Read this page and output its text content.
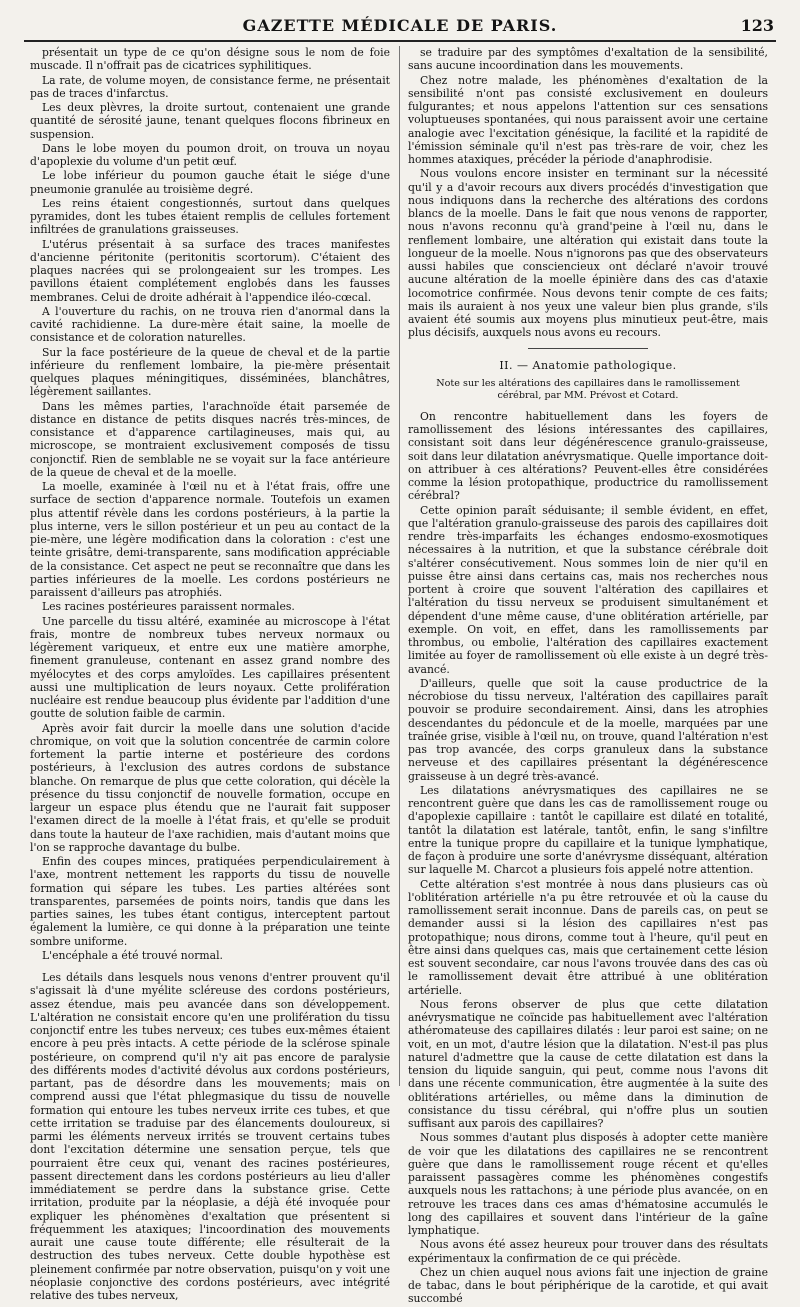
GAZETTE MÉDICALE DE PARIS.	123

présentait un type de ce qu'on désigne sous le nom de foie muscade. Il n'offrait pas de cicatrices syphilitiques.

La rate, de volume moyen, de consistance ferme, ne présentait pas de traces d'infarctus.

Les deux plèvres, la droite surtout, contenaient une grande quantité de sérosité jaune, tenant quelques flocons fibrineux en suspension.

Dans le lobe moyen du poumon droit, on trouva un noyau d'apoplexie du volume d'un petit œuf.

Le lobe inférieur du poumon gauche était le siége d'une pneumonie granulée au troisième degré.

Les reins étaient congestionnés, surtout dans quelques pyramides, dont les tubes étaient remplis de cellules fortement infiltrées de granulations graisseuses.

L'utérus présentait à sa surface des traces manifestes d'ancienne péritonite (peritonitis scortorum). C'étaient des plaques nacrées qui se prolongeaient sur les trompes. Les pavillons étaient complétement englobés dans les fausses membranes. Celui de droite adhérait à l'appendice iléo-cœcal.

A l'ouverture du rachis, on ne trouva rien d'anormal dans la cavité rachidienne. La dure-mère était saine, la moelle de consistance et de coloration naturelles.

Sur la face postérieure de la queue de cheval et de la partie inférieure du renflement lombaire, la pie-mère présentait quelques plaques méningitiques, disséminées, blanchâtres, légèrement saillantes.

Dans les mêmes parties, l'arachnoïde était parsemée de distance en distance de petits disques nacrés très-minces, de consistance et d'apparence cartilagineuses, mais qui, au microscope, se montraient exclusivement composés de tissu conjonctif. Rien de semblable ne se voyait sur la face antérieure de la queue de cheval et de la moelle.

La moelle, examinée à l'œil nu et à l'état frais, offre une surface de section d'apparence normale. Toutefois un examen plus attentif révèle dans les cordons postérieurs, à la partie la plus interne, vers le sillon postérieur et un peu au contact de la pie-mère, une légère modification dans la coloration : c'est une teinte grisâtre, demi-transparente, sans modification appréciable de la consistance. Cet aspect ne peut se reconnaître que dans les parties inférieures de la moelle. Les cordons postérieurs ne paraissent d'ailleurs pas atrophiés.

Les racines postérieures paraissent normales.

Une parcelle du tissu altéré, examinée au microscope à l'état frais, montre de nombreux tubes nerveux normaux ou légèrement variqueux, et entre eux une matière amorphe, finement granuleuse, contenant en assez grand nombre des myélocytes et des corps amyloïdes. Les capillaires présentent aussi une multiplication de leurs noyaux. Cette prolifération nucléaire est rendue beaucoup plus évidente par l'addition d'une goutte de solution faible de carmin.

Après avoir fait durcir la moelle dans une solution d'acide chromique, on voit que la solution concentrée de carmin colore fortement la partie interne et postérieure des cordons postérieurs, à l'exclusion des autres cordons de substance blanche. On remarque de plus que cette coloration, qui décèle la présence du tissu conjonctif de nouvelle formation, occupe en largeur un espace plus étendu que ne l'aurait fait supposer l'examen direct de la moelle à l'état frais, et qu'elle se produit dans toute la hauteur de l'axe rachidien, mais d'autant moins que l'on se rapproche davantage du bulbe.

Enfin des coupes minces, pratiquées perpendiculairement à l'axe, montrent nettement les rapports du tissu de nouvelle formation qui sépare les tubes. Les parties altérées sont transparentes, parsemées de points noirs, tandis que dans les parties saines, les tubes étant contigus, interceptent partout également la lumière, ce qui donne à la préparation une teinte sombre uniforme.

L'encéphale a été trouvé normal.

Les détails dans lesquels nous venons d'entrer prouvent qu'il s'agissait là d'une myélite scléreuse des cordons postérieurs, assez étendue, mais peu avancée dans son développement. L'altération ne consistait encore qu'en une prolifération du tissu conjonctif entre les tubes nerveux; ces tubes eux-mêmes étaient encore à peu près intacts. A cette période de la sclérose spinale postérieure, on comprend qu'il n'y ait pas encore de paralysie des différents modes d'activité dévolus aux cordons postérieurs, partant, pas de désordre dans les mouvements; mais on comprend aussi que l'état phlegmasique du tissu de nouvelle formation qui entoure les tubes nerveux irrite ces tubes, et que cette irritation se traduise par des élancements douloureux, si parmi les éléments nerveux irrités se trouvent certains tubes dont l'excitation détermine une sensation perçue, tels que pourraient être ceux qui, venant des racines postérieures, passent directement dans les cordons postérieurs au lieu d'aller immédiatement se perdre dans la substance grise. Cette irritation, produite par la néoplasie, a déjà été invoquée pour expliquer les phénomènes d'exaltation que présentent si fréquemment les ataxiques; l'incoordination des mouvements aurait une cause toute différente; elle résulterait de la destruction des tubes nerveux. Cette double hypothèse est pleinement confirmée par notre observation, puisqu'on y voit une néoplasie conjonctive des cordons postérieurs, avec intégrité relative des tubes nerveux,

se traduire par des symptômes d'exaltation de la sensibilité, sans aucune incoordination dans les mouvements.

Chez notre malade, les phénomènes d'exaltation de la sensibilité n'ont pas consisté exclusivement en douleurs fulgurantes; et nous appelons l'attention sur ces sensations voluptueuses spontanées, qui nous paraissent avoir une certaine analogie avec l'excitation génésique, la facilité et la rapidité de l'émission séminale qu'il n'est pas très-rare de voir, chez les hommes ataxiques, précéder la période d'anaphrodisie.

Nous voulons encore insister en terminant sur la nécessité qu'il y a d'avoir recours aux divers procédés d'investigation que nous indiquons dans la recherche des altérations des cordons blancs de la moelle. Dans le fait que nous venons de rapporter, nous n'avons reconnu qu'à grand'peine à l'œil nu, dans le renflement lombaire, une altération qui existait dans toute la longueur de la moelle. Nous n'ignorons pas que des observateurs aussi habiles que consciencieux ont déclaré n'avoir trouvé aucune altération de la moelle épinière dans des cas d'ataxie locomotrice confirmée. Nous devons tenir compte de ces faits; mais ils auraient à nos yeux une valeur bien plus grande, s'ils avaient été soumis aux moyens plus minutieux peut-être, mais plus décisifs, auxquels nous avons eu recours.

II. — Anatomie pathologique.
Note sur les altérations des capillaires dans le ramollissement cérébral, par MM. Prévost et Cotard.

On rencontre habituellement dans les foyers de ramollissement des lésions intéressantes des capillaires, consistant soit dans leur dégénérescence granulo-graisseuse, soit dans leur dilatation anévrysmatique. Quelle importance doit-on attribuer à ces altérations? Peuvent-elles être considérées comme la lésion protopathique, productrice du ramollissement cérébral?

Cette opinion paraît séduisante; il semble évident, en effet, que l'altération granulo-graisseuse des parois des capillaires doit rendre très-imparfaits les échanges endosmo-exosmotiques nécessaires à la nutrition, et que la substance cérébrale doit s'altérer consécutivement. Nous sommes loin de nier qu'il en puisse être ainsi dans certains cas, mais nos recherches nous portent à croire que souvent l'altération des capillaires et l'altération du tissu nerveux se produisent simultanément et dépendent d'une même cause, d'une oblitération artérielle, par exemple. On voit, en effet, dans les ramollissements par thrombus, ou embolie, l'altération des capillaires exactement limitée au foyer de ramollissement où elle existe à un degré très-avancé.

D'ailleurs, quelle que soit la cause productrice de la nécrobiose du tissu nerveux, l'altération des capillaires paraît pouvoir se produire secondairement. Ainsi, dans les atrophies descendantes du pédoncule et de la moelle, marquées par une traînée grise, visible à l'œil nu, on trouve, quand l'altération n'est pas trop avancée, des corps granuleux dans la substance nerveuse et des capillaires présentant la dégénérescence graisseuse à un degré très-avancé.

Les dilatations anévrysmatiques des capillaires ne se rencontrent guère que dans les cas de ramollissement rouge ou d'apoplexie capillaire : tantôt le capillaire est dilaté en totalité, tantôt la dilatation est latérale, tantôt, enfin, le sang s'infiltre entre la tunique propre du capillaire et la tunique lymphatique, de façon à produire une sorte d'anévrysme disséquant, altération sur laquelle M. Charcot a plusieurs fois appelé notre attention.

Cette altération s'est montrée à nous dans plusieurs cas où l'oblitération artérielle n'a pu être retrouvée et où la cause du ramollissement serait inconnue. Dans de pareils cas, on peut se demander aussi si la lésion des capillaires n'est pas protopathique; nous dirons, comme tout à l'heure, qu'il peut en être ainsi dans quelques cas, mais que certainement cette lésion est souvent secondaire, car nous l'avons trouvée dans des cas où le ramollissement devait être attribué à une oblitération artérielle.

Nous ferons observer de plus que cette dilatation anévrysmatique ne coïncide pas habituellement avec l'altération athéromateuse des capillaires dilatés : leur paroi est saine; on ne voit, en un mot, d'autre lésion que la dilatation. N'est-il pas plus naturel d'admettre que la cause de cette dilatation est dans la tension du liquide sanguin, qui peut, comme nous l'avons dit dans une récente communication, être augmentée à la suite des oblitérations artérielles, ou même dans la diminution de consistance du tissu cérébral, qui n'offre plus un soutien suffisant aux parois des capillaires?

Nous sommes d'autant plus disposés à adopter cette manière de voir que les dilatations des capillaires ne se rencontrent guère que dans le ramollissement rouge récent et qu'elles paraissent passagères comme les phénomènes congestifs auxquels nous les rattachons; à une période plus avancée, on en retrouve les traces dans ces amas d'hématosine accumulés le long des capillaires et souvent dans l'intérieur de la gaîne lymphatique.

Nous avons été assez heureux pour trouver dans des résultats expérimentaux la confirmation de ce qui précède.

Chez un chien auquel nous avions fait une injection de graine de tabac, dans le bout périphérique de la carotide, et qui avait succombé
